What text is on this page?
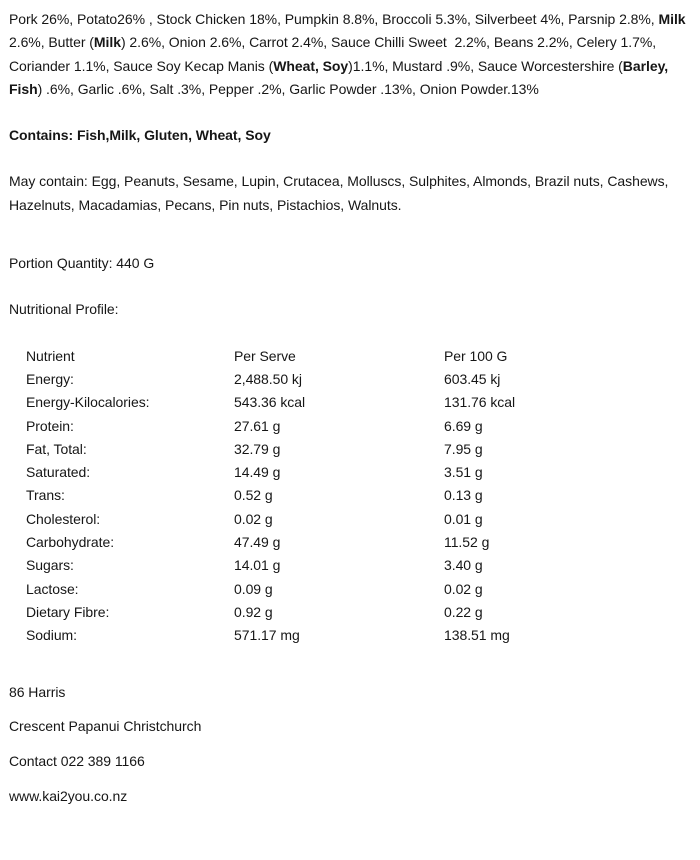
Pork 26%, Potato26% , Stock Chicken 18%, Pumpkin 8.8%, Broccoli 5.3%, Silverbeet 4%, Parsnip 2.8%, Milk 2.6%, Butter (Milk) 2.6%, Onion 2.6%, Carrot 2.4%, Sauce Chilli Sweet  2.2%, Beans 2.2%, Celery 1.7%, Coriander 1.1%, Sauce Soy Kecap Manis (Wheat, Soy)1.1%, Mustard .9%, Sauce Worcestershire (Barley, Fish) .6%, Garlic .6%, Salt .3%, Pepper .2%, Garlic Powder .13%, Onion Powder.13%

Contains: Fish,Milk, Gluten, Wheat, Soy

May contain: Egg, Peanuts, Sesame, Lupin, Crutacea, Molluscs, Sulphites, Almonds, Brazil nuts, Cashews, Hazelnuts, Macadamias, Pecans, Pin nuts, Pistachios, Walnuts.

Portion Quantity: 440 G

Nutritional Profile:

Nutrient	Per Serve	Per 100 G
Energy:	2,488.50 kj	603.45 kj
Energy-Kilocalories:	543.36 kcal	131.76 kcal
Protein:	27.61 g	6.69 g
Fat, Total:	32.79 g	7.95 g
Saturated:	14.49 g	3.51 g
Trans:	0.52 g	0.13 g
Cholesterol:	0.02 g	0.01 g
Carbohydrate:	47.49 g	11.52 g
Sugars:	14.01 g	3.40 g
Lactose:	0.09 g	0.02 g
Dietary Fibre:	0.92 g	0.22 g
Sodium:	571.17 mg	138.51 mg

86 Harris

Crescent Papanui Christchurch

Contact 022 389 1166

www.kai2you.co.nz
